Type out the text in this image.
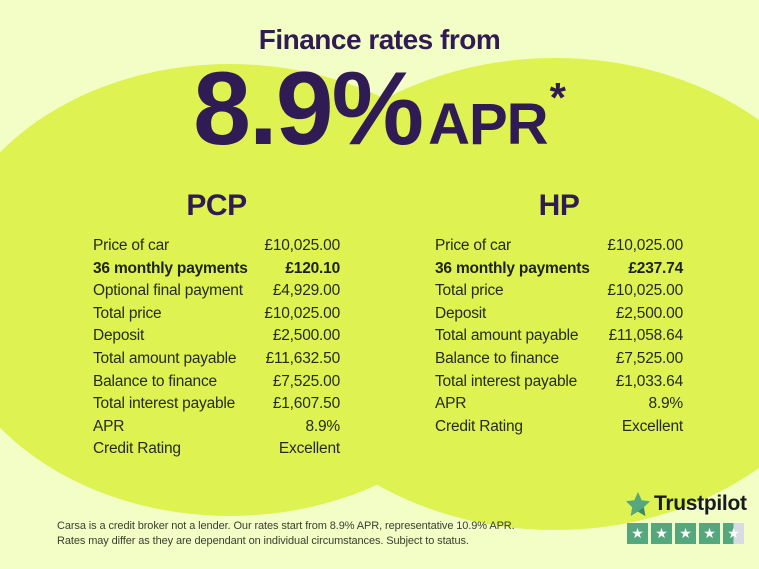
Finance rates from
8.9% APR *
PCP
Price of car	£10,025.00
36 monthly payments £120.10
Optional final payment £4,929.00
Total price	£10,025.00
Deposit	£2,500.00
Total amount payable £11,632.50
Balance to finance	£7,525.00
Total interest payable £1,607.50
APR	8.9%
Credit Rating	Excellent
HP
Price of car	£10,025.00
36 monthly payments £237.74
Total price	£10,025.00
Deposit	£2,500.00
Total amount payable £11,058.64
Balance to finance	£7,525.00
Total interest payable	£1,033.64
APR	8.9%
Credit Rating	Excellent
Carsa is a credit broker not a lender. Our rates start from 8.9% APR, representative 10.9% APR.
Rates may differ as they are dependant on individual circumstances. Subject to status.
Trustpilot
★ ★ ★ ★ ★
